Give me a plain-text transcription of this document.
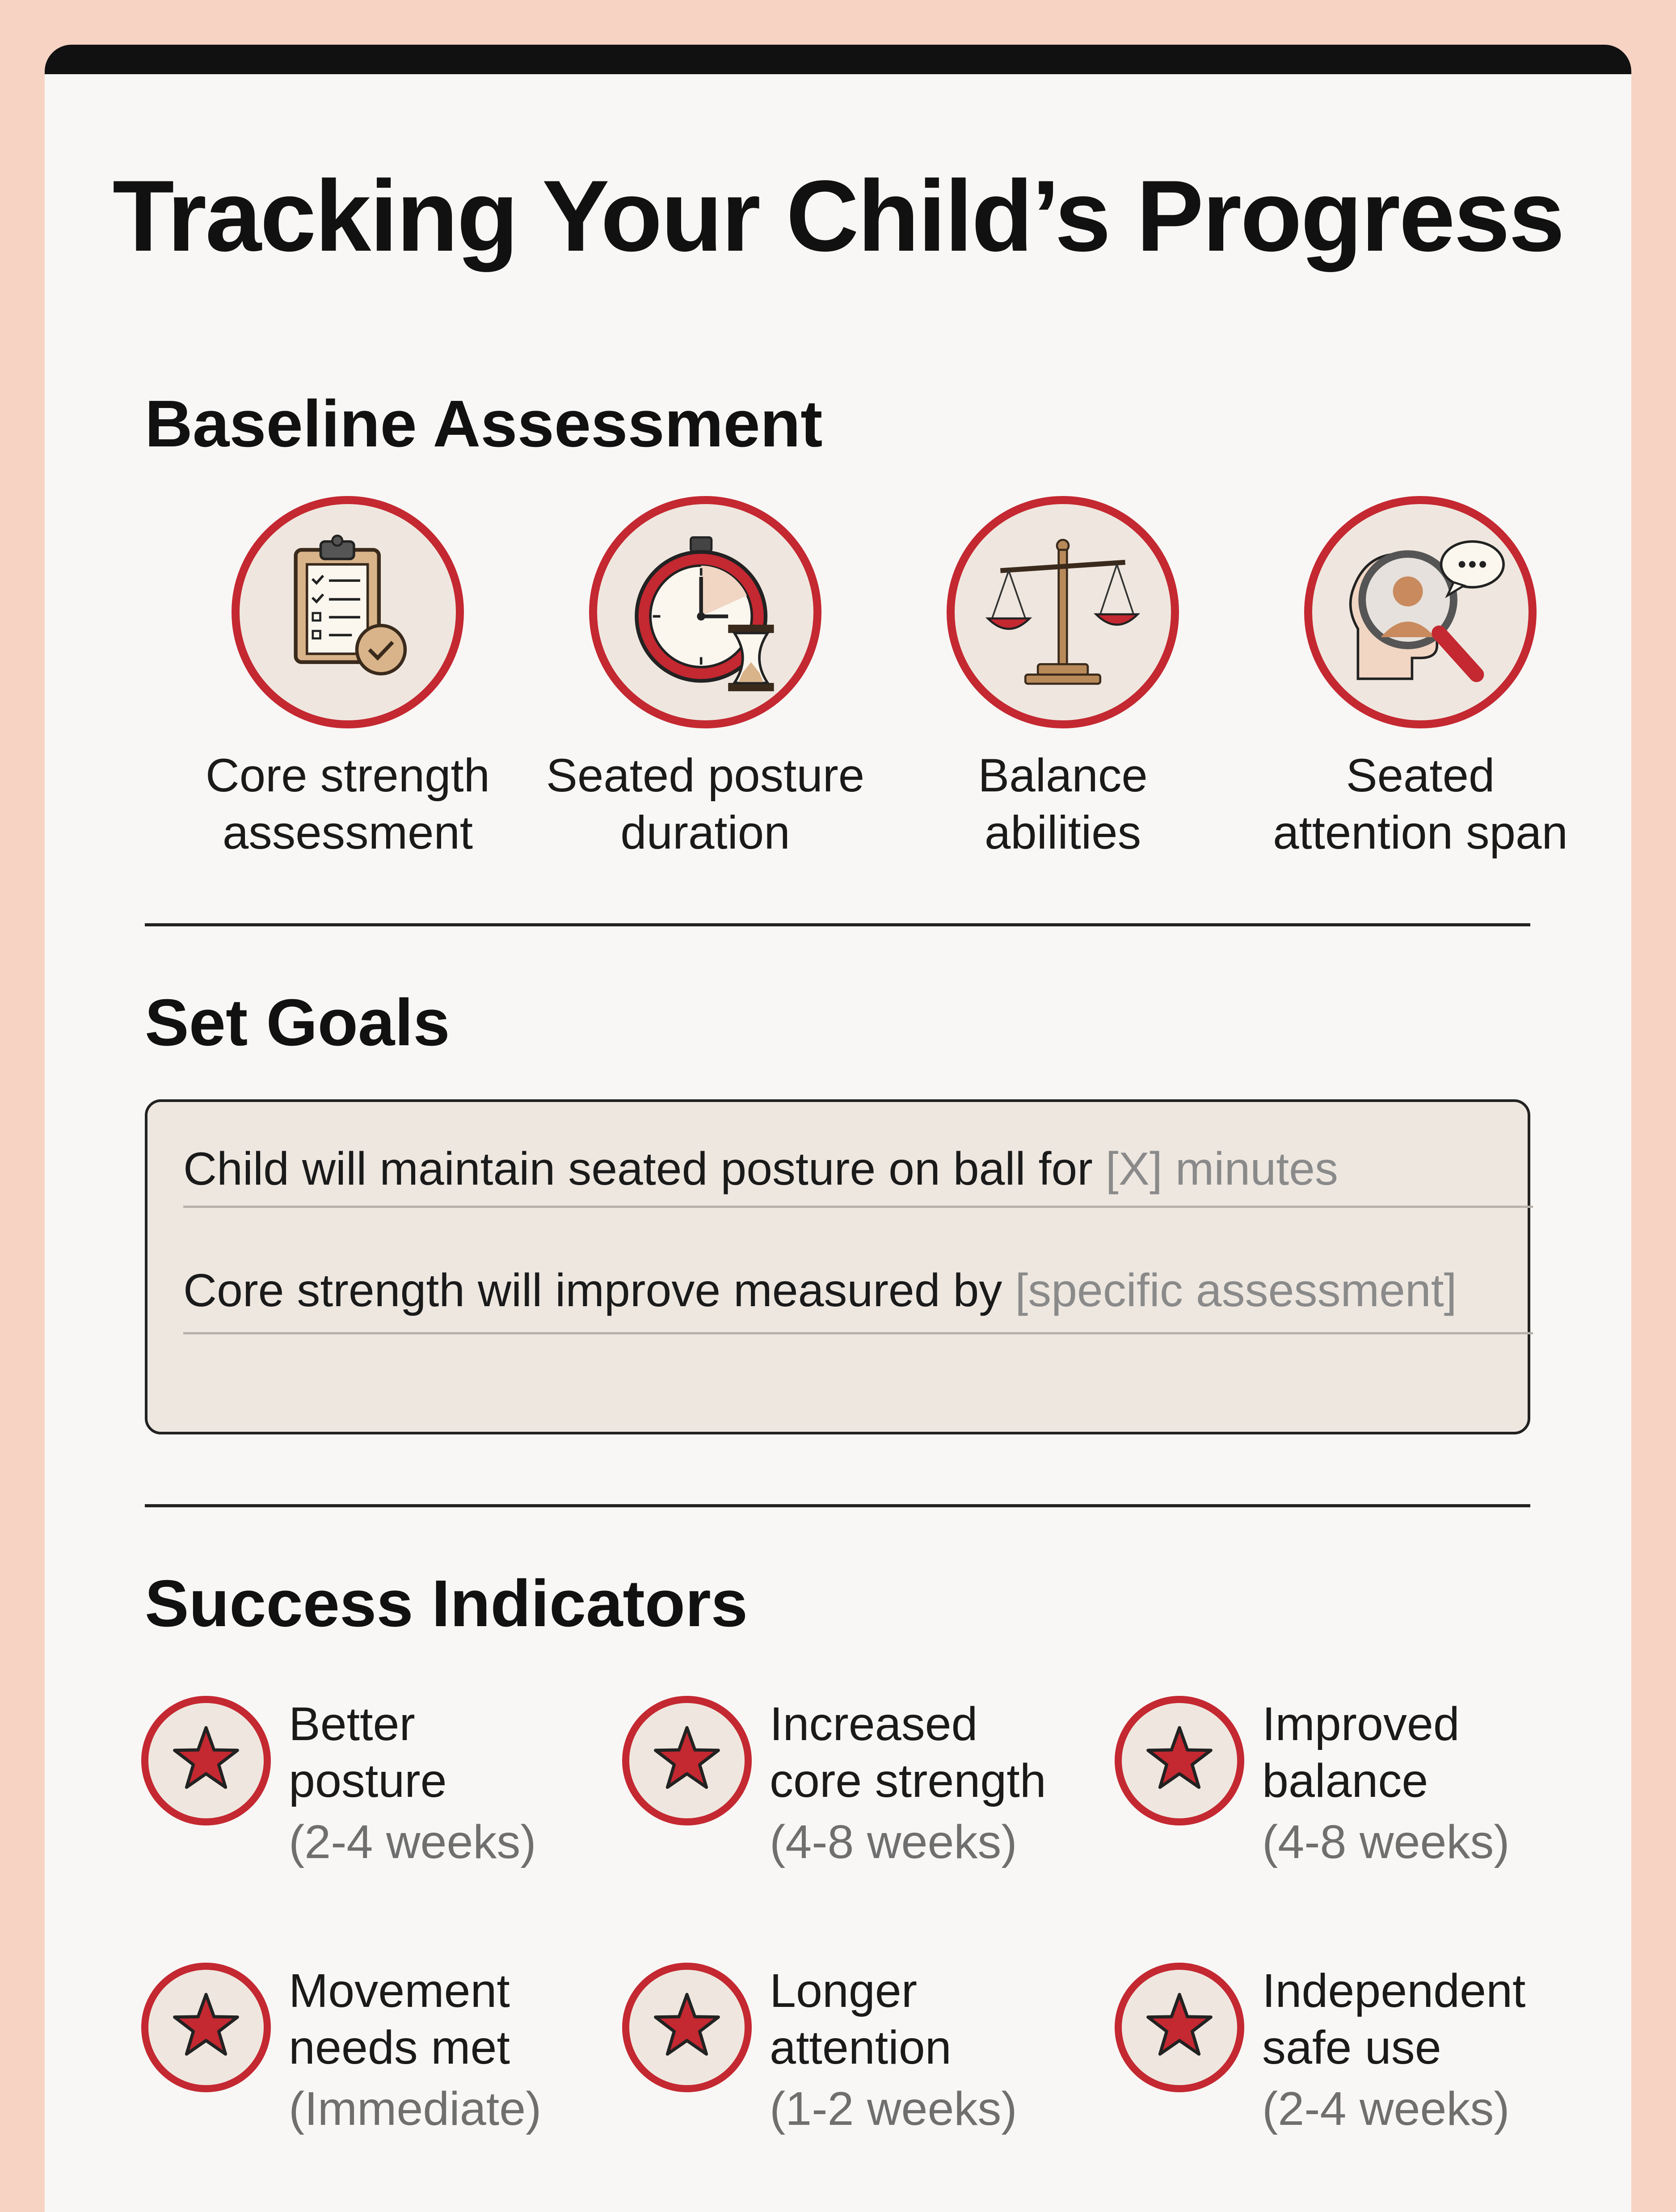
Tracking Your Child’s Progress
Baseline Assessment
Core strength
assessment
Seated posture
duration
Balance
abilities
Seated
attention span
Set Goals
Child will maintain seated posture on ball for [X] minutes
Core strength will improve measured by [specific assessment]
Success Indicators
Better
posture
(2-4 weeks)
Increased
core strength
(4-8 weeks)
Improved
balance
(4-8 weeks)
Movement
needs met
(Immediate)
Longer
attention
(1-2 weeks)
Independent
safe use
(2-4 weeks)
